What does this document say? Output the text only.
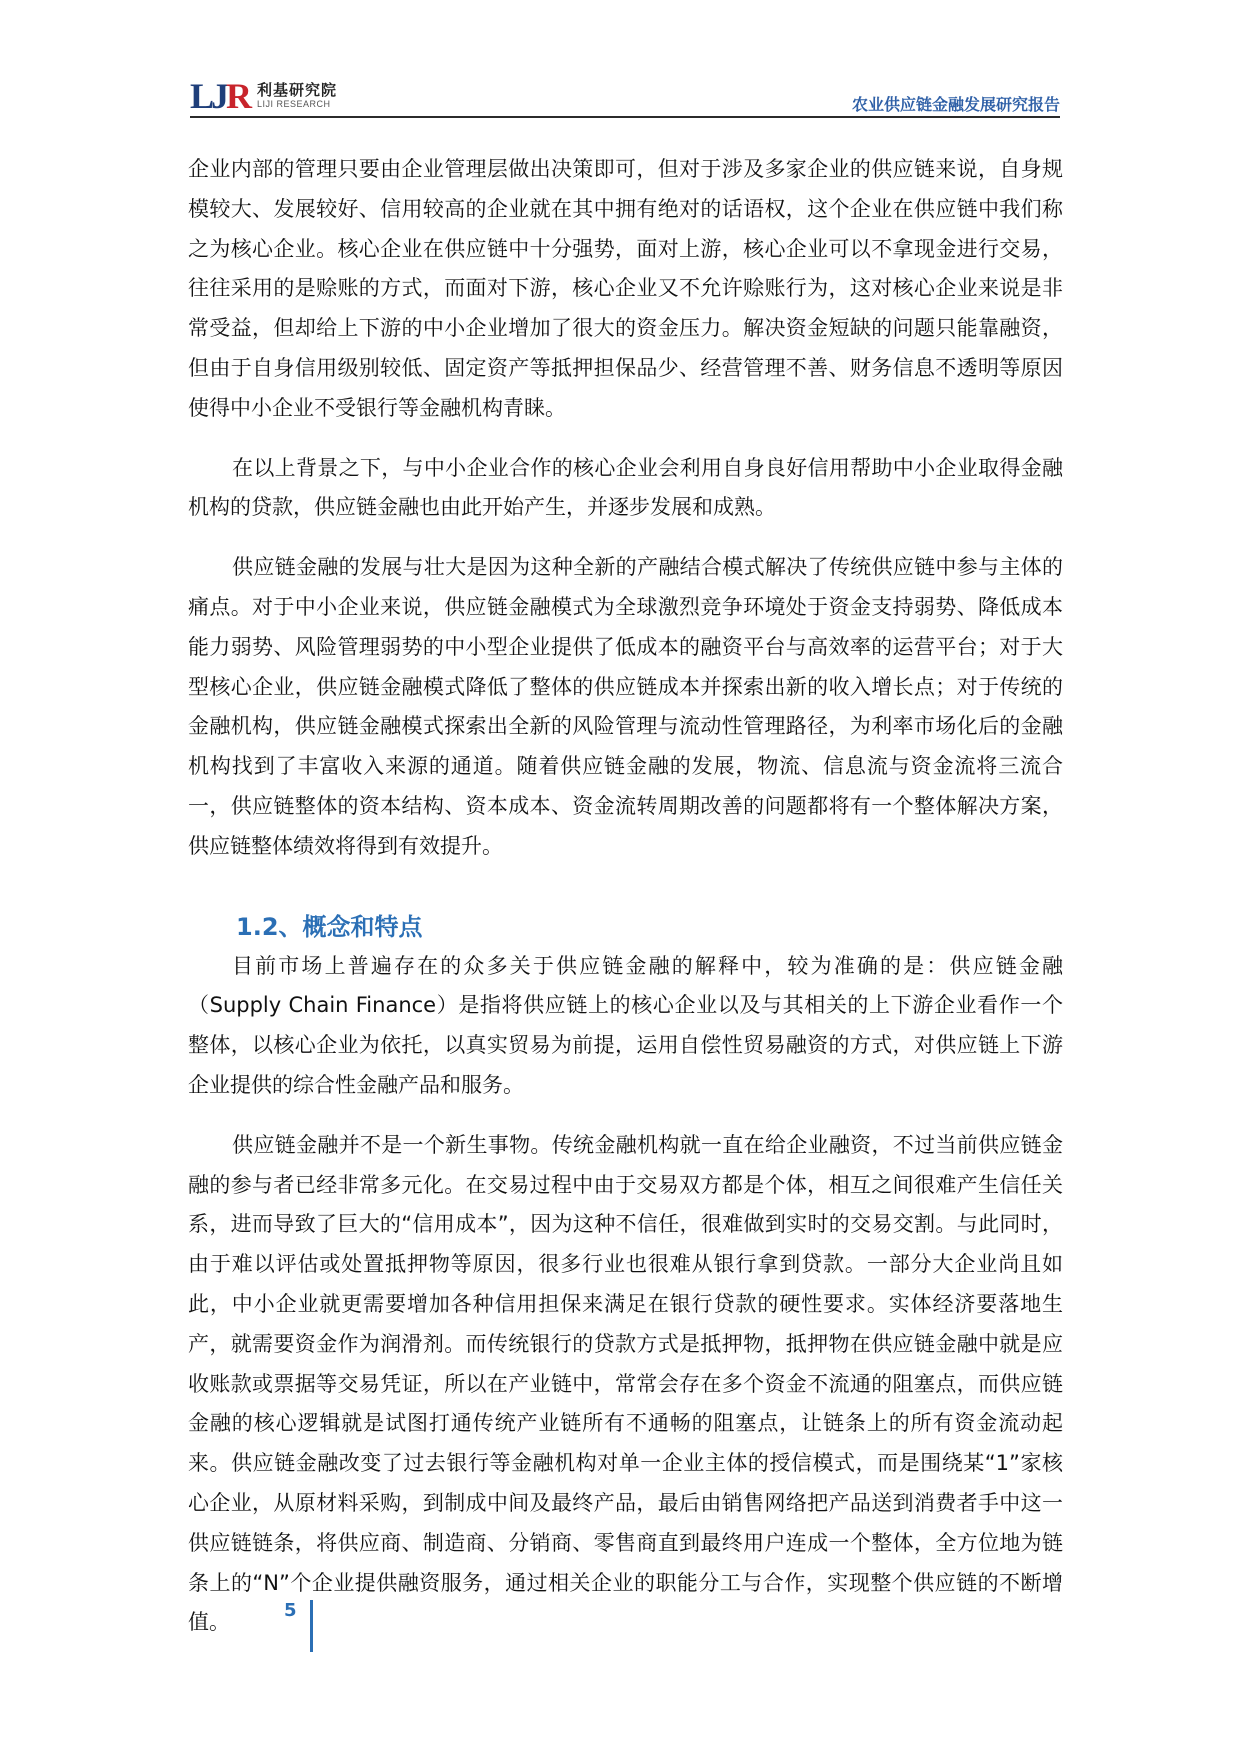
LJR 利基研究院
LIJI RESEARCH	农业供应链金融发展研究报告

企业内部的管理只要由企业管理层做出决策即可，但对于涉及多家企业的供应链来说，自身规模较大、发展较好、信用较高的企业就在其中拥有绝对的话语权，这个企业在供应链中我们称之为核心企业。核心企业在供应链中十分强势，面对上游，核心企业可以不拿现金进行交易，往往采用的是赊账的方式，而面对下游，核心企业又不允许赊账行为，这对核心企业来说是非常受益，但却给上下游的中小企业增加了很大的资金压力。解决资金短缺的问题只能靠融资，但由于自身信用级别较低、固定资产等抵押担保品少、经营管理不善、财务信息不透明等原因使得中小企业不受银行等金融机构青睐。

在以上背景之下，与中小企业合作的核心企业会利用自身良好信用帮助中小企业取得金融机构的贷款，供应链金融也由此开始产生，并逐步发展和成熟。

供应链金融的发展与壮大是因为这种全新的产融结合模式解决了传统供应链中参与主体的痛点。对于中小企业来说，供应链金融模式为全球激烈竞争环境处于资金支持弱势、降低成本能力弱势、风险管理弱势的中小型企业提供了低成本的融资平台与高效率的运营平台；对于大型核心企业，供应链金融模式降低了整体的供应链成本并探索出新的收入增长点；对于传统的金融机构，供应链金融模式探索出全新的风险管理与流动性管理路径，为利率市场化后的金融机构找到了丰富收入来源的通道。随着供应链金融的发展，物流、信息流与资金流将三流合一，供应链整体的资本结构、资本成本、资金流转周期改善的问题都将有一个整体解决方案，供应链整体绩效将得到有效提升。

1.2、概念和特点

目前市场上普遍存在的众多关于供应链金融的解释中，较为准确的是：供应链金融（Supply Chain Finance）是指将供应链上的核心企业以及与其相关的上下游企业看作一个整体，以核心企业为依托，以真实贸易为前提，运用自偿性贸易融资的方式，对供应链上下游企业提供的综合性金融产品和服务。

供应链金融并不是一个新生事物。传统金融机构就一直在给企业融资，不过当前供应链金融的参与者已经非常多元化。在交易过程中由于交易双方都是个体，相互之间很难产生信任关系，进而导致了巨大的“信用成本”，因为这种不信任，很难做到实时的交易交割。与此同时，由于难以评估或处置抵押物等原因，很多行业也很难从银行拿到贷款。一部分大企业尚且如此，中小企业就更需要增加各种信用担保来满足在银行贷款的硬性要求。实体经济要落地生产，就需要资金作为润滑剂。而传统银行的贷款方式是抵押物，抵押物在供应链金融中就是应收账款或票据等交易凭证，所以在产业链中，常常会存在多个资金不流通的阻塞点，而供应链金融的核心逻辑就是试图打通传统产业链所有不通畅的阻塞点，让链条上的所有资金流动起来。供应链金融改变了过去银行等金融机构对单一企业主体的授信模式，而是围绕某“1”家核心企业，从原材料采购，到制成中间及最终产品，最后由销售网络把产品送到消费者手中这一供应链链条，将供应商、制造商、分销商、零售商直到最终用户连成一个整体，全方位地为链条上的“N”个企业提供融资服务，通过相关企业的职能分工与合作，实现整个供应链的不断增值。	5
